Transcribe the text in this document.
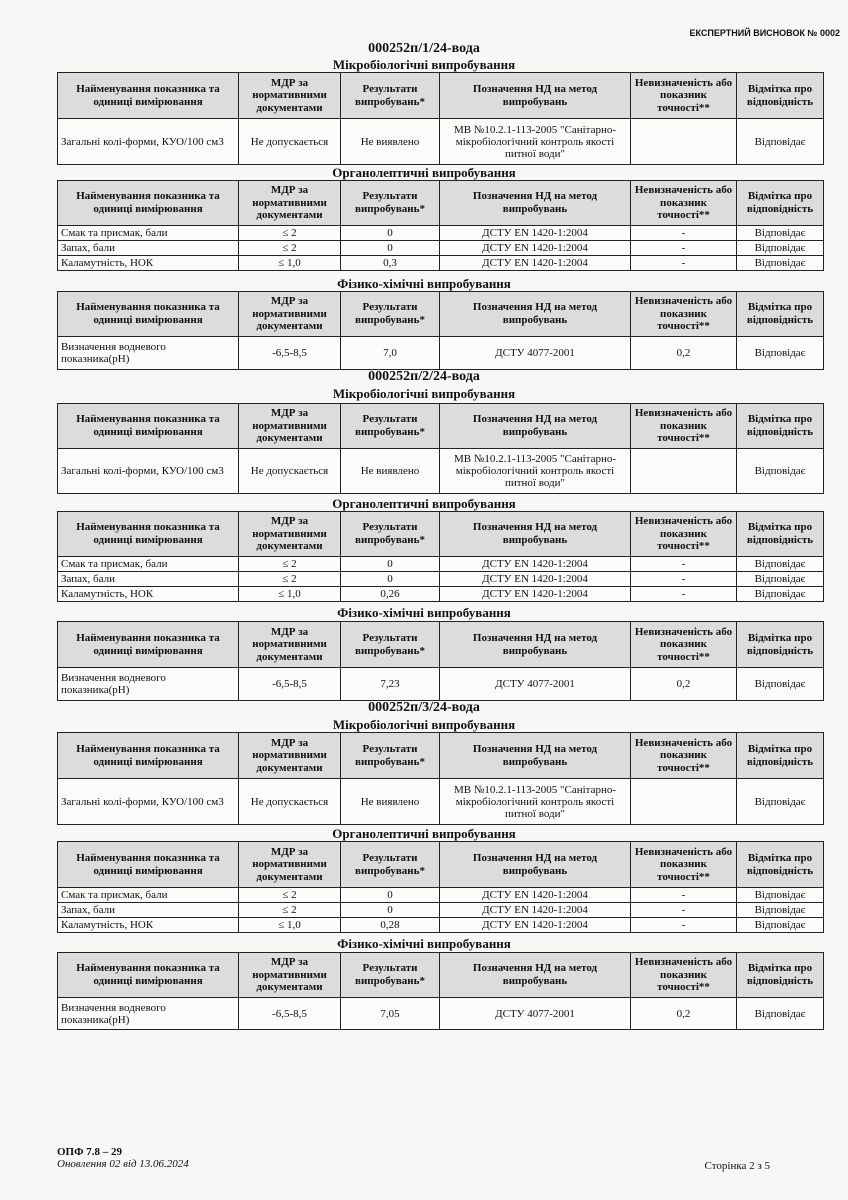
ЕКСПЕРТНИЙ ВИСНОВОК № 0002
000252п/1/24-вода
Мікробіологічні випробування
Найменування показника та одиниці вимірювання	МДР за нормативними документами	Результати випробувань*	Позначення НД на метод випробувань	Невизначеність або показник точності**	Відмітка про відповідність
Загальні колі-форми, КУО/100 см3	Не допускається	Не виявлено	МВ №10.2.1-113-2005 "Санітарно-мікробіологічний контроль якості питної води"		Відповідає
Органолептичні випробування
Найменування показника та одиниці вимірювання	МДР за нормативними документами	Результати випробувань*	Позначення НД на метод випробувань	Невизначеність або показник точності**	Відмітка про відповідність
Смак та присмак, бали	≤ 2	0	ДСТУ EN 1420-1:2004	-	Відповідає
Запах, бали	≤ 2	0	ДСТУ EN 1420-1:2004	-	Відповідає
Каламутність, НОК	≤ 1,0	0,3	ДСТУ EN 1420-1:2004	-	Відповідає
Фізико-хімічні випробування
Найменування показника та одиниці вимірювання	МДР за нормативними документами	Результати випробувань*	Позначення НД на метод випробувань	Невизначеність або показник точності**	Відмітка про відповідність
Визначення водневого показника(pH)	-6,5-8,5	7,0	ДСТУ 4077-2001	0,2	Відповідає
000252п/2/24-вода
Мікробіологічні випробування
Найменування показника та одиниці вимірювання	МДР за нормативними документами	Результати випробувань*	Позначення НД на метод випробувань	Невизначеність або показник точності**	Відмітка про відповідність
Загальні колі-форми, КУО/100 см3	Не допускається	Не виявлено	МВ №10.2.1-113-2005 "Санітарно-мікробіологічний контроль якості питної води"		Відповідає
Органолептичні випробування
Найменування показника та одиниці вимірювання	МДР за нормативними документами	Результати випробувань*	Позначення НД на метод випробувань	Невизначеність або показник точності**	Відмітка про відповідність
Смак та присмак, бали	≤ 2	0	ДСТУ EN 1420-1:2004	-	Відповідає
Запах, бали	≤ 2	0	ДСТУ EN 1420-1:2004	-	Відповідає
Каламутність, НОК	≤ 1,0	0,26	ДСТУ EN 1420-1:2004	-	Відповідає
Фізико-хімічні випробування
Найменування показника та одиниці вимірювання	МДР за нормативними документами	Результати випробувань*	Позначення НД на метод випробувань	Невизначеність або показник точності**	Відмітка про відповідність
Визначення водневого показника(pH)	-6,5-8,5	7,23	ДСТУ 4077-2001	0,2	Відповідає
000252п/3/24-вода
Мікробіологічні випробування
Найменування показника та одиниці вимірювання	МДР за нормативними документами	Результати випробувань*	Позначення НД на метод випробувань	Невизначеність або показник точності**	Відмітка про відповідність
Загальні колі-форми, КУО/100 см3	Не допускається	Не виявлено	МВ №10.2.1-113-2005 "Санітарно-мікробіологічний контроль якості питної води"		Відповідає
Органолептичні випробування
Найменування показника та одиниці вимірювання	МДР за нормативними документами	Результати випробувань*	Позначення НД на метод випробувань	Невизначеність або показник точності**	Відмітка про відповідність
Смак та присмак, бали	≤ 2	0	ДСТУ EN 1420-1:2004	-	Відповідає
Запах, бали	≤ 2	0	ДСТУ EN 1420-1:2004	-	Відповідає
Каламутність, НОК	≤ 1,0	0,28	ДСТУ EN 1420-1:2004	-	Відповідає
Фізико-хімічні випробування
Найменування показника та одиниці вимірювання	МДР за нормативними документами	Результати випробувань*	Позначення НД на метод випробувань	Невизначеність або показник точності**	Відмітка про відповідність
Визначення водневого показника(pH)	-6,5-8,5	7,05	ДСТУ 4077-2001	0,2	Відповідає
ОПФ 7.8 – 29
Оновлення 02 від 13.06.2024	Сторінка 2 з 5
